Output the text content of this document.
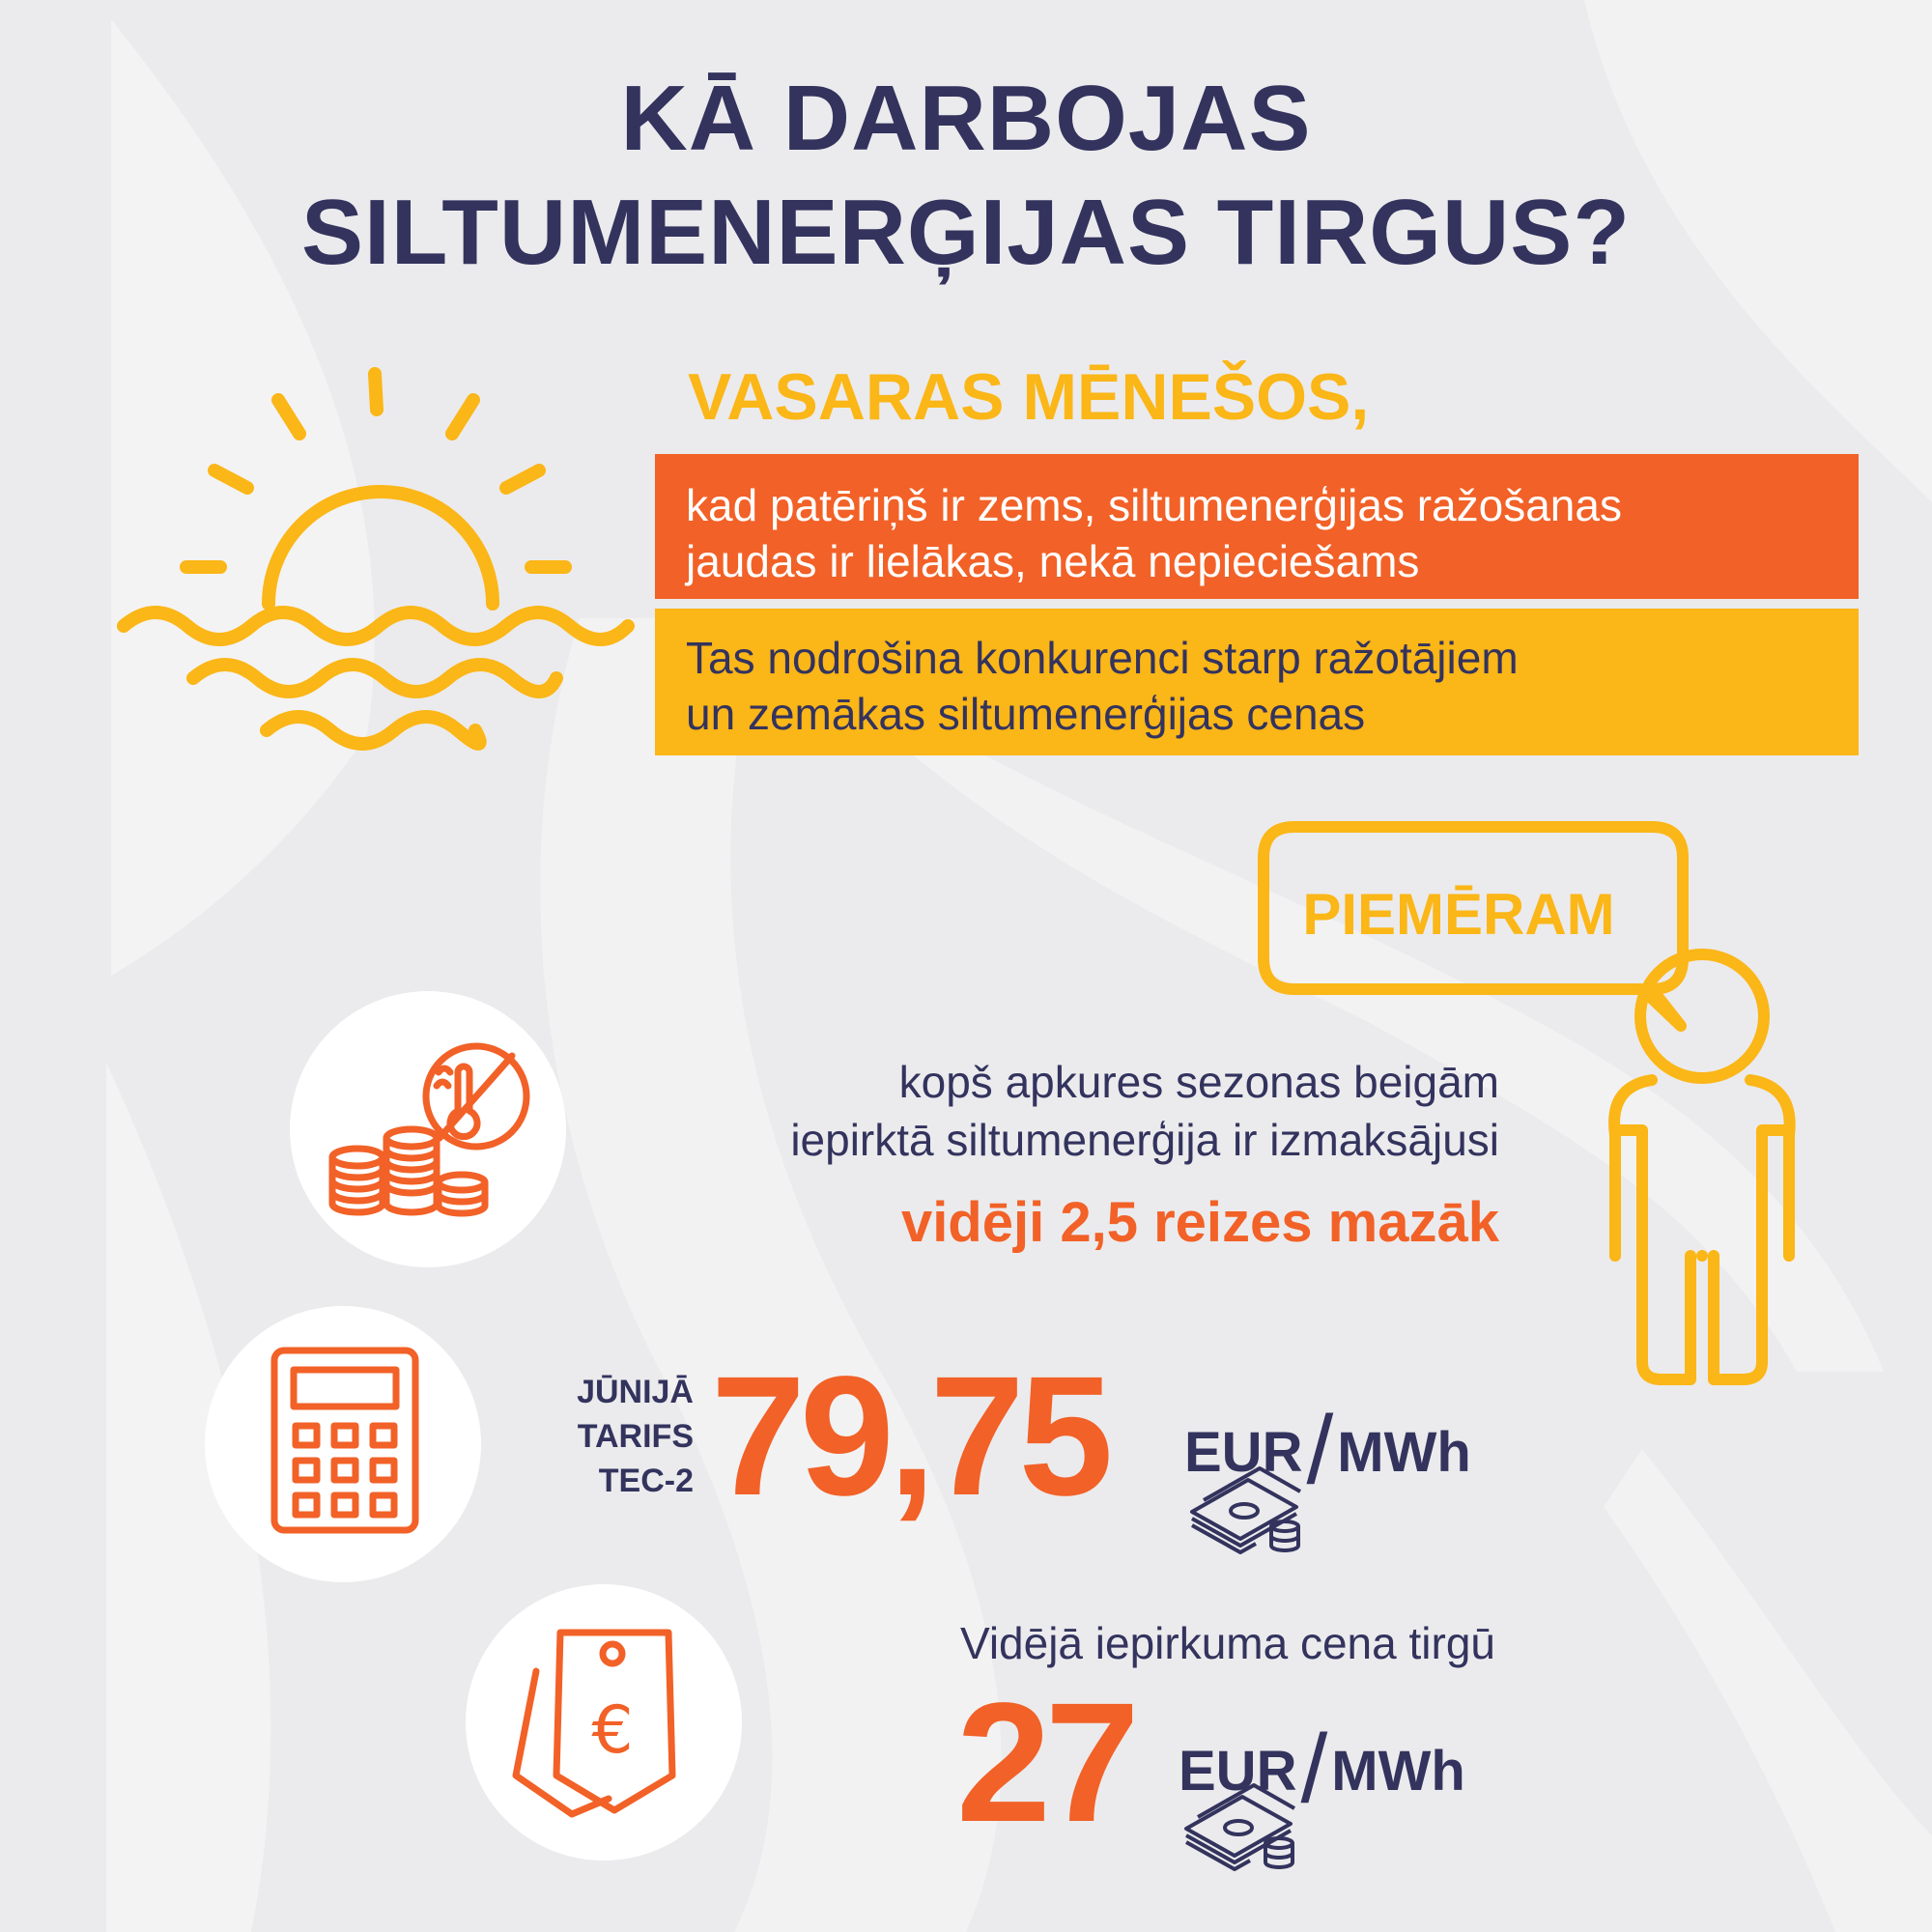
KĀ DARBOJAS
SILTUMENERĢIJAS TIRGUS?
VASARAS MĒNEŠOS,
kad patēriņš ir zems, siltumenerģijas ražošanas
jaudas ir lielākas, nekā nepieciešams
Tas nodrošina konkurenci starp ražotājiem
un zemākas siltumenerģijas cenas
PIEMĒRAM
kopš apkures sezonas beigām
iepirktā siltumenerģija ir izmaksājusi
vidēji 2,5 reizes mazāk
JŪNIJĀ
TARIFS
TEC-2 79,75 EUR/MWh
€
Vidējā iepirkuma cena tirgū
27 EUR/MWh
